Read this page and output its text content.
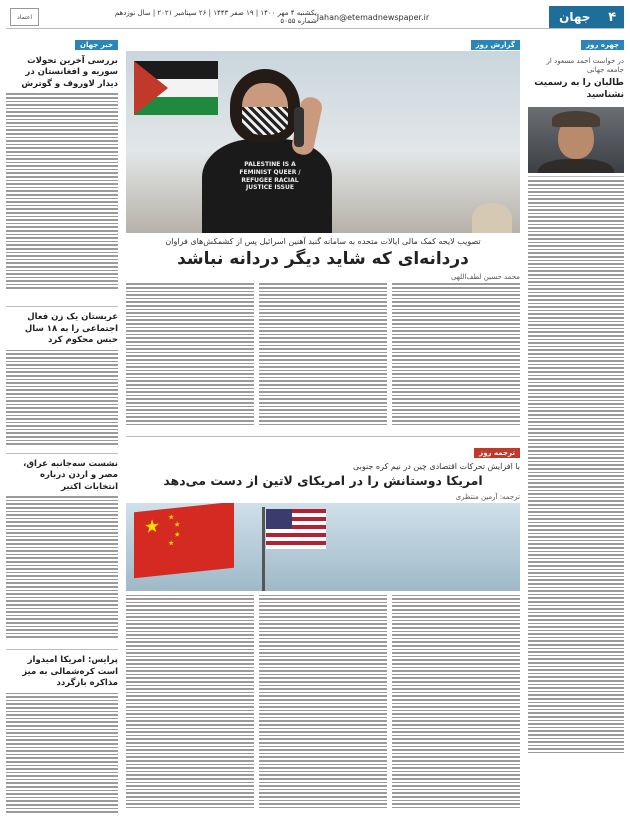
۴
جهان
Jahan@etemadnewspaper.ir
یکشنبه ۴ مهر ۱۴۰۰ | ۱۹ صفر ۱۴۴۳ | ۲۶ سپتامبر ۲۰۲۱ | سال نوزدهم شماره ۵۰۵۵
اعتماد
چهره روز
در خواست احمد مسعود از جامعه جهانی
طالبان را به رسمیت نشناسید
گزارش روز
PALESTINE IS A FEMINIST QUEER / REFUGEE RACIAL JUSTICE ISSUE
تصویب لایحه کمک مالی ایالات متحده به سامانه گنبد آهنین اسرائیل پس از کشمکش‌های فراوان
دردانه‌ای که شاید دیگر دردانه نباشد
محمد حسین لطف‌اللهی
ترجمه روز
با افزایش تحرکات اقتصادی چین در نیم کره جنوبی
امریکا دوستانش را در امریکای لاتین از دست می‌دهد
ترجمه: آرمین منتظری
★ ★
★
★
★
خبر جهان
بررسی آخرین تحولات سوریه و افغانستان در دیدار لاوروف و گوترش
عربستان یک زن فعال اجتماعی را به ۱۸ سال حبس محکوم کرد
نشست سه‌جانبه عراق، مصر و اردن درباره انتخابات اکتبر
پرایس: امریکا امیدوار است کره‌شمالی به میز مذاکره بازگردد
